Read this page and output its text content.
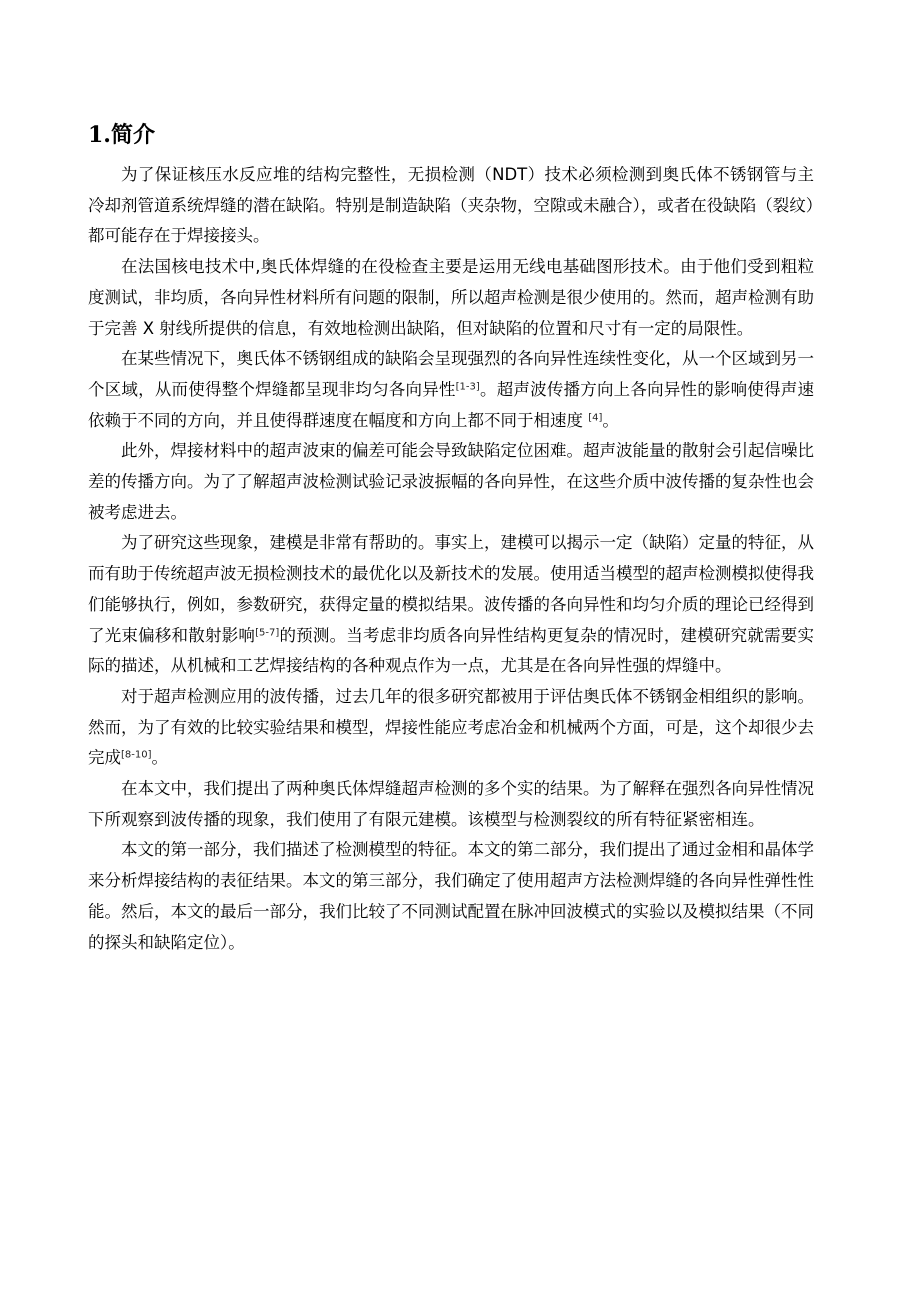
1.简介

为了保证核压水反应堆的结构完整性，无损检测（NDT）技术必须检测到奥氏体不锈钢管与主冷却剂管道系统焊缝的潜在缺陷。特别是制造缺陷（夹杂物，空隙或未融合），或者在役缺陷（裂纹）都可能存在于焊接接头。

在法国核电技术中,奥氏体焊缝的在役检查主要是运用无线电基础图形技术。由于他们受到粗粒度测试，非均质，各向异性材料所有问题的限制，所以超声检测是很少使用的。然而，超声检测有助于完善 X 射线所提供的信息，有效地检测出缺陷，但对缺陷的位置和尺寸有一定的局限性。

在某些情况下，奥氏体不锈钢组成的缺陷会呈现强烈的各向异性连续性变化，从一个区域到另一个区域，从而使得整个焊缝都呈现非均匀各向异性[1-3]。超声波传播方向上各向异性的影响使得声速依赖于不同的方向，并且使得群速度在幅度和方向上都不同于相速度 [4]。

此外，焊接材料中的超声波束的偏差可能会导致缺陷定位困难。超声波能量的散射会引起信噪比差的传播方向。为了了解超声波检测试验记录波振幅的各向异性，在这些介质中波传播的复杂性也会被考虑进去。

为了研究这些现象，建模是非常有帮助的。事实上，建模可以揭示一定（缺陷）定量的特征，从而有助于传统超声波无损检测技术的最优化以及新技术的发展。使用适当模型的超声检测模拟使得我们能够执行，例如，参数研究，获得定量的模拟结果。波传播的各向异性和均匀介质的理论已经得到了光束偏移和散射影响[5-7]的预测。当考虑非均质各向异性结构更复杂的情况时，建模研究就需要实际的描述，从机械和工艺焊接结构的各种观点作为一点，尤其是在各向异性强的焊缝中。

对于超声检测应用的波传播，过去几年的很多研究都被用于评估奥氏体不锈钢金相组织的影响。然而，为了有效的比较实验结果和模型，焊接性能应考虑冶金和机械两个方面，可是，这个却很少去完成[8-10]。

在本文中，我们提出了两种奥氏体焊缝超声检测的多个实的结果。为了解释在强烈各向异性情况下所观察到波传播的现象，我们使用了有限元建模。该模型与检测裂纹的所有特征紧密相连。

本文的第一部分，我们描述了检测模型的特征。本文的第二部分，我们提出了通过金相和晶体学来分析焊接结构的表征结果。本文的第三部分，我们确定了使用超声方法检测焊缝的各向异性弹性性能。然后，本文的最后一部分，我们比较了不同测试配置在脉冲回波模式的实验以及模拟结果（不同的探头和缺陷定位）。
